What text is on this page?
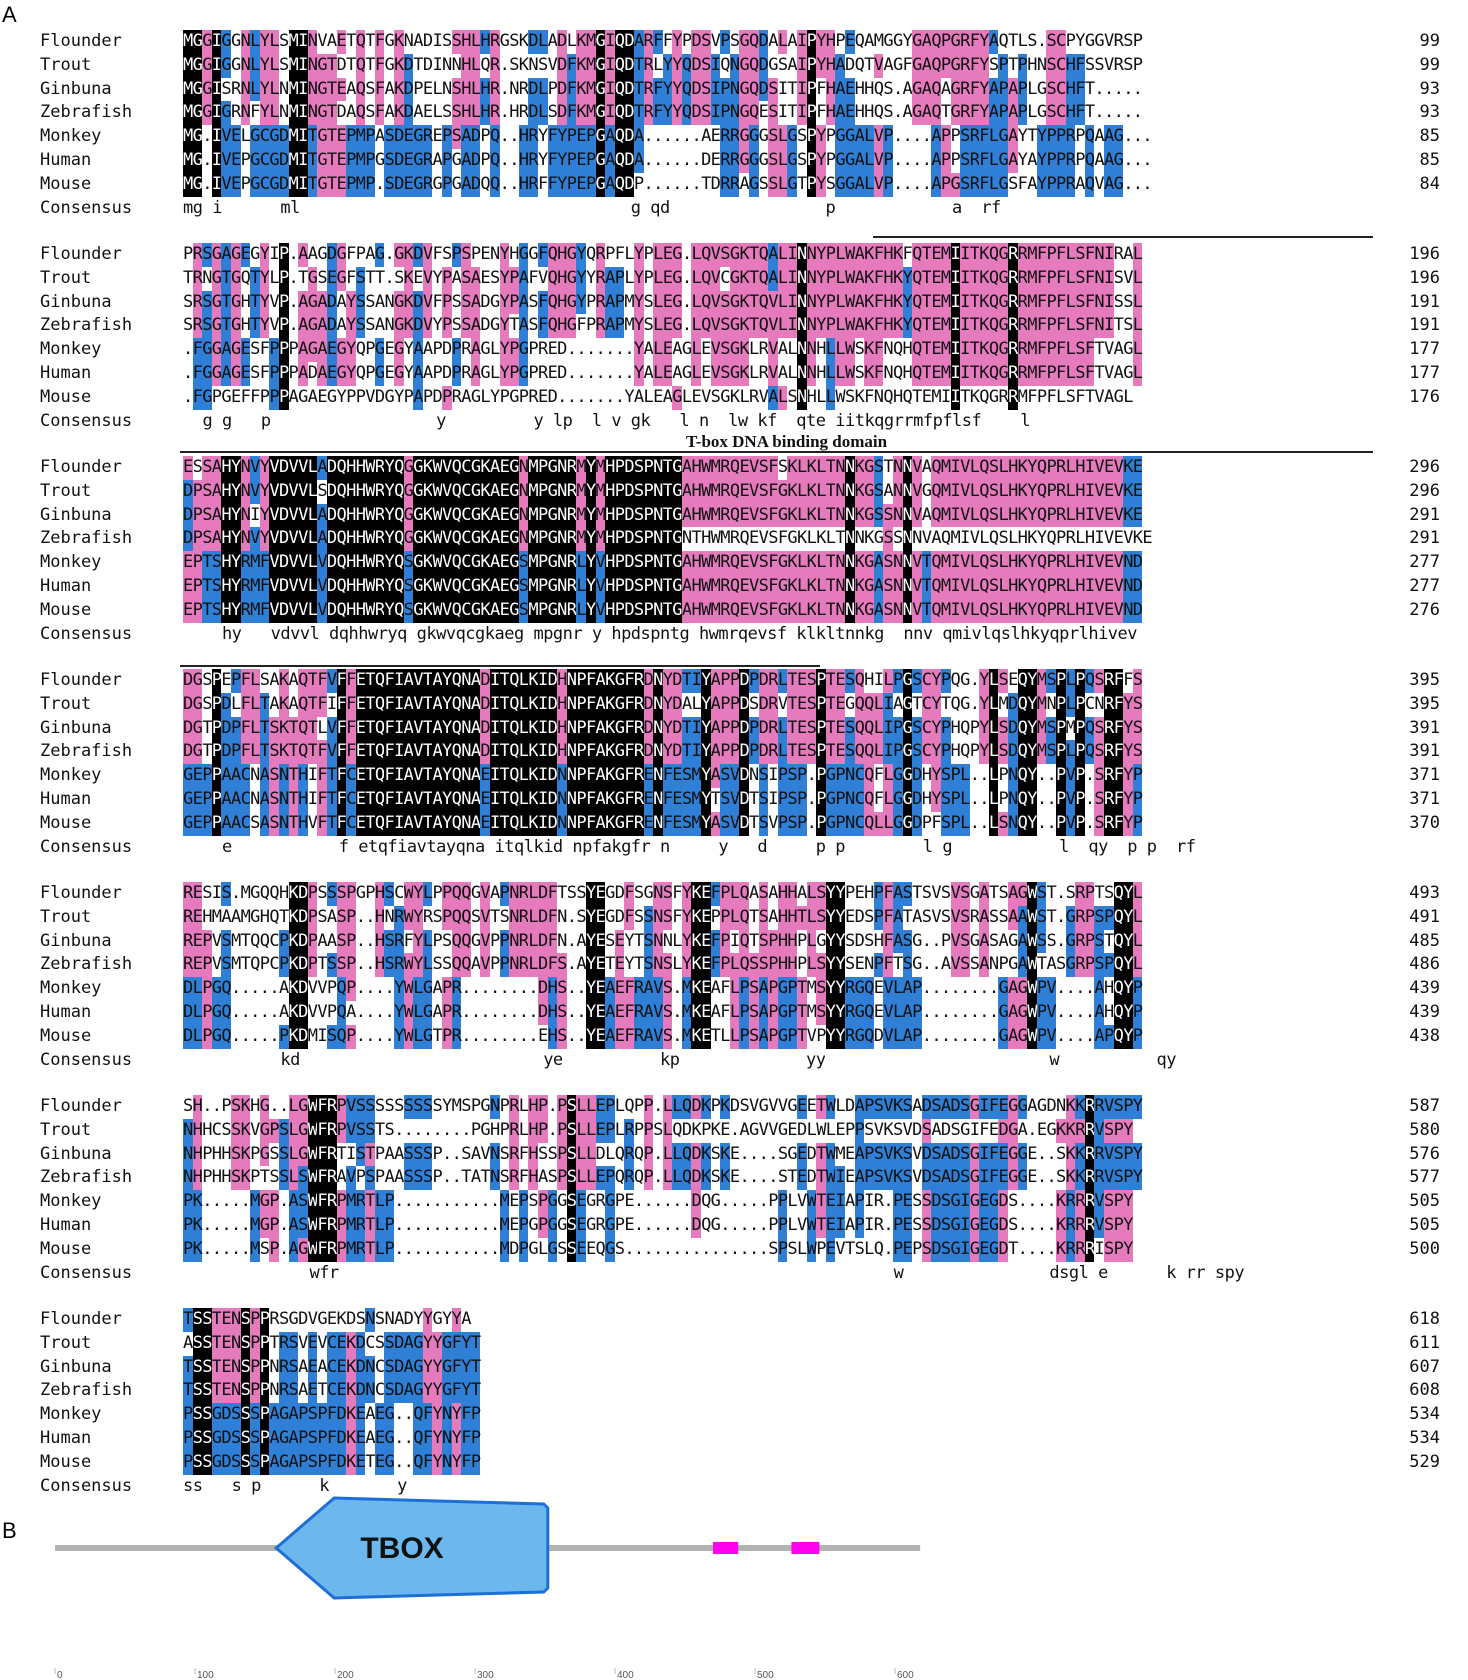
A
B
Flounder	MGGIGGNLYLSMINVAETQTFGKNADISSHLHRGSKDLADLKMGIQDARFFYPDSVPSGQDALAIPYHPEQAMGGYGAQPGRFYAQTLS.SCPYGGVRSP	99
Trout	MGGIGGNLYLSMINGTDTQTFGKDTDINNHLQR.SKNSVDFKMGIQDTRLYYQDSIQNGQDGSAIPYHADQTVAGFGAQPGRFYSPTPHNSCHFSSVRSP	99
Ginbuna	MGGISRNLYLNMINGTEAQSFAKDPELNSHLHR.NRDLPDFKMGIQDTRFYYQDSIPNGQDSITIPFHAEHHQS.AGAQAGRFYAPAPLGSCHFT.....	93
Zebrafish	MGGIGRNFYLNMINGTDAQSFAKDAELSSHLHR.HRDLSDFKMGIQDTRFYYQDSIPNGQESITIPFHAEHHQS.AGAQTGRFYAPAPLGSCHFT.....	93
Monkey	MG.IVELGCGDMITGTEPMPASDEGREPSADPQ..HRYFYPEPGAQDA......AERRGGGSLGSPYPGGALVP....APPSRFLGAYTYPPRPQAAG...	85
Human	MG.IVEPGCGDMITGTEPMPGSDEGRAPGADPQ..HRYFYPEPGAQDA......DERRGGGSLGSPYPGGALVP....APPSRFLGAYAYPPRPQAAG...	85
Mouse	MG.IVEPGCGDMITGTEPMP.SDEGRGPGADQQ..HRFFYPEPGAQDP......TDRRAGSSLGTPYSGGALVP....APGSRFLGSFAYPPRAQVAG...	84
Consensus	mg i      ml                                  g qd                p            a  rf
Flounder	PRSGAGEGYIP.AAGDGFPAG.GKDVFSPSPENYHGGFQHGYQRPFLYPLEG.LQVSGKTQALINNYPLWAKFHKFQTEMIITKQGRRMFPFLSFNIRAL	196
Trout	TRNGTGQTYLP.TGSEGFSTT.SKEVYPASAESYPAFVQHGYYRAPLYPLEG.LQVCGKTQALINNYPLWAKFHKYQTEMIITKQGRRMFPFLSFNISVL	196
Ginbuna	SRSGTGHTYVP.AGADAYSSANGKDVFPSSADGYPASFQHGYPRAPMYSLEG.LQVSGKTQVLINNYPLWAKFHKYQTEMIITKQGRRMFPFLSFNISSL	191
Zebrafish	SRSGTGHTYVP.AGADAYSSANGKDVYPSSADGYTASFQHGFPRAPMYSLEG.LQVSGKTQVLINNYPLWAKFHKYQTEMIITKQGRRMFPFLSFNITSL	191
Monkey	.FGGAGESFPPPAGAEGYQPGEGYAAPDPRAGLYPGPRED.......YALEAGLEVSGKLRVALNNHLLWSKFNQHQTEMIITKQGRRMFPFLSFTVAGL	177
Human	.FGGAGESFPPPADAEGYQPGEGYAAPDPRAGLYPGPRED.......YALEAGLEVSGKLRVALNNHLLWSKFNQHQTEMIITKQGRRMFPFLSFTVAGL	177
Mouse	.FGPGEFFPPPAGAEGYPPVDGYPAPDPRAGLYPGPRED.......YALEAGLEVSGKLRVALSNHLLWSKFNQHQTEMIITKQGRRMFPFLSFTVAGL	176
Consensus	g g   p                 y         y lp  l v gk   l n  lw kf  qte iitkqgrrmfpflsf    l
Flounder	ESSAHYNVYVDVVLADQHHWRYQGGKWVQCGKAEGNMPGNRMYMHPDSPNTGAHWMRQEVSFSKLKLTNNKGSTNNVAQMIVLQSLHKYQPRLHIVEVKE	296
Trout	DPSAHYNVYVDVVLSDQHHWRYQGGKWVQCGKAEGNMPGNRMYMHPDSPNTGAHWMRQEVSFGKLKLTNNKGSANNVGQMIVLQSLHKYQPRLHIVEVKE	296
Ginbuna	DPSAHYNIYVDVVLADQHHWRYQGGKWVQCGKAEGNMPGNRMYMHPDSPNTGAHWMRQEVSFGKLKLTNNKGSSNNVAQMIVLQSLHKYQPRLHIVEVKE	291
Zebrafish	DPSAHYNVYVDVVLADQHHWRYQGGKWVQCGKAEGNMPGNRMYMHPDSPNTGNTHWMRQEVSFGKLKLTNNKGSSNNVAQMIVLQSLHKYQPRLHIVEVKE	291
Monkey	EPTSHYRMFVDVVLVDQHHWRYQSGKWVQCGKAEGSMPGNRLYVHPDSPNTGAHWMRQEVSFGKLKLTNNKGASNNVTQMIVLQSLHKYQPRLHIVEVND	277
Human	EPTSHYRMFVDVVLVDQHHWRYQSGKWVQCGKAEGSMPGNRLYVHPDSPNTGAHWMRQEVSFGKLKLTNNKGASNNVTQMIVLQSLHKYQPRLHIVEVND	277
Mouse	EPTSHYRMFVDVVLVDQHHWRYQSGKWVQCGKAEGSMPGNRLYVHPDSPNTGAHWMRQEVSFGKLKLTNNKGASNNVTQMIVLQSLHKYQPRLHIVEVND	276
Consensus	hy   vdvvl dqhhwryq gkwvqcgkaeg mpgnr y hpdspntg hwmrqevsf klkltnnkg  nnv qmivlqslhkyqprlhivev
Flounder	DGSPEPFLSAKAQTFVFFETQFIAVTAYQNADITQLKIDHNPFAKGFRDNYDTIYAPPDPDRLTESPTESQHILPGSCYPQG.YLSEQYMSPLPQSRFFS	395
Trout	DGSPDLFLTAKAQTFIFFETQFIAVTAYQNADITQLKIDHNPFAKGFRDNYDALYAPPDSDRVTESPTEGQQLIAGTCYTQG.YLMDQYMNPLPCNRFYS	395
Ginbuna	DGTPDPFLTSKTQTLVFFETQFIAVTAYQNADITQLKIDHNPFAKGFRDNYDTIYAPPDPDRLTESPTESQQLIPGSCYPHQPYLSDQYMSPMPQSRFYS	391
Zebrafish	DGTPDPFLTSKTQTFVFFETQFIAVTAYQNADITQLKIDHNPFAKGFRDNYDTIYAPPDPDRLTESPTESQQLIPGSCYPHQPYLSDQYMSPLPQSRFYS	391
Monkey	GEPPAACNASNTHIFTFCETQFIAVTAYQNAEITQLKIDNNPFAKGFRENFESMYASVDNSIPSP.PGPNCQFLGGDHYSPL..LPNQY..PVP.SRFYP	371
Human	GEPPAACNASNTHIFTFCETQFIAVTAYQNAEITQLKIDNNPFAKGFRENFESMYTSVDTSIPSP.PGPNCQFLGGDHYSPL..LPNQY..PVP.SRFYP	371
Mouse	GEPPAACSASNTHVFTFCETQFIAVTAYQNAEITQLKIDNNPFAKGFRENFESMYASVDTSVPSP.PGPNCQLLGGDPFSPL..LSNQY..PVP.SRFYP	370
Consensus	e           f etqfiavtayqna itqlkid npfakgfr n     y   d     p p        l g           l  qy  p p  rf
Flounder	RESIS.MGQQHKDPSSSPGPHSCWYLPPQQGVAPNRLDFTSSYEGDFSGNSFYKEFPLQASAHHALSYYPEHPFASTSVSVSGATSAGWST.SRPTSQYL	493
Trout	REHMAAMGHQTKDPSASP..HNRWYRSPQQSVTSNRLDFN.SYEGDFSSNSFYKEPPLQTSAHHTLSYYEDSPFATASVSVSRASSAAWST.GRPSPQYL	491
Ginbuna	REPVSMTQQCPKDPAASP..HSRFYLPSQQGVPPNRLDFN.AYESEYTSNNLYKEFPIQTSPHHPLGYYSDSHFASG..PVSGASAGAWSS.GRPSTQYL	485
Zebrafish	REPVSMTQPCPKDPTSSP..HSRWYLSSQQAVPPNRLDFS.AYETEYTSNSLYKEFPLQSSPHHPLSYYSENPFTSG..AVSSANPGAWTASGRPSPQYL	486
Monkey	DLPGQ.....AKDVVPQP....YWLGAPR........DHS..YEAEFRAVS.MKEAFLPSAPGPTMSYYRGQEVLAP........GAGWPV....AHQYP	439
Human	DLPGQ.....AKDVVPQA....YWLGAPR........DHS..YEAEFRAVS.MKEAFLPSAPGPTMSYYRGQEVLAP........GAGWPV....AHQYP	439
Mouse	DLPGQ.....PKDMISQP....YWLGTPR........EHS..YEAEFRAVS.MKETLLPSAPGPTVPYYRGQDVLAP........GAGWPV....APQYP	438
Consensus	kd                         ye          kp             yy                       w          qy
Flounder	SH..PSKHG..LGWFRPVSSSSSSSSSYMSPGNPRLHP.PSLLEPLQPP.LLQDKPKDSVGVVGEETWLDAPSVKSADSADSGIFEGGAGDNKKRRVSPY	587
Trout	NHHCSSKVGPSLGWFRPVSSTS........PGHPRLHP.PSLLEPLRPPSLQDKPKE.AGVVGEDLWLEPPSVKSVDSADSGIFEDGA.EGKKRRVSPY	580
Ginbuna	NHPHHSKPGSSLGWFRTISTPAASSSP..SAVNSRFHSSPSLLDLQRQP.LLQDKSKE....SGEDTWMEAPSVKSVDSADSGIFEGGE..SKKRRVSPY	576
Zebrafish	NHPHHSKPTSSLSWFRAVPSPAASSSP..TATNSRFHASPSLLEPQRQP.LLQDKSKE....STEDTWIEAPSVKSVDSADSGIFEGGE..SKKRRVSPY	577
Monkey	PK.....MGP.ASWFRPMRTLP...........MEPSPGGSEGRGPE......DQG.....PPLVWTEIAPIR.PESSDSGIGEGDS....KRRRVSPY	505
Human	PK.....MGP.ASWFRPMRTLP...........MEPGPGGSEGRGPE......DQG.....PPLVWTEIAPIR.PESSDSGIGEGDS....KRRRVSPY	505
Mouse	PK.....MSP.AGWFRPMRTLP...........MDPGLGSSEEQGS...............SPSLWPEVTSLQ.PEPSDSGIGEGDT....KRRRISPY	500
Consensus	wfr                                                         w               dsgl e      k rr spy
Flounder	TSSTENSPPRSGDVGEKDSNSNADYYGYYA	618
Trout	ASSTENSPPTRSVEVCEKDCSSDAGYYGFYT	611
Ginbuna	TSSTENSPPNRSAEACEKDNCSDAGYYGFYT	607
Zebrafish	TSSTENSPPNRSAETCEKDNCSDAGYYGFYT	608
Monkey	PSSGDSSSPAGAPSPFDKEAEG..QFYNYFP	534
Human	PSSGDSSSPAGAPSPFDKEAEG..QFYNYFP	534
Mouse	PSSGDSSSPAGAPSPFDKETEG..QFYNYFP	529
Consensus	ss   s p      k       y
T-box DNA binding domain
TBOX
0	100	200	300	400	500	600
